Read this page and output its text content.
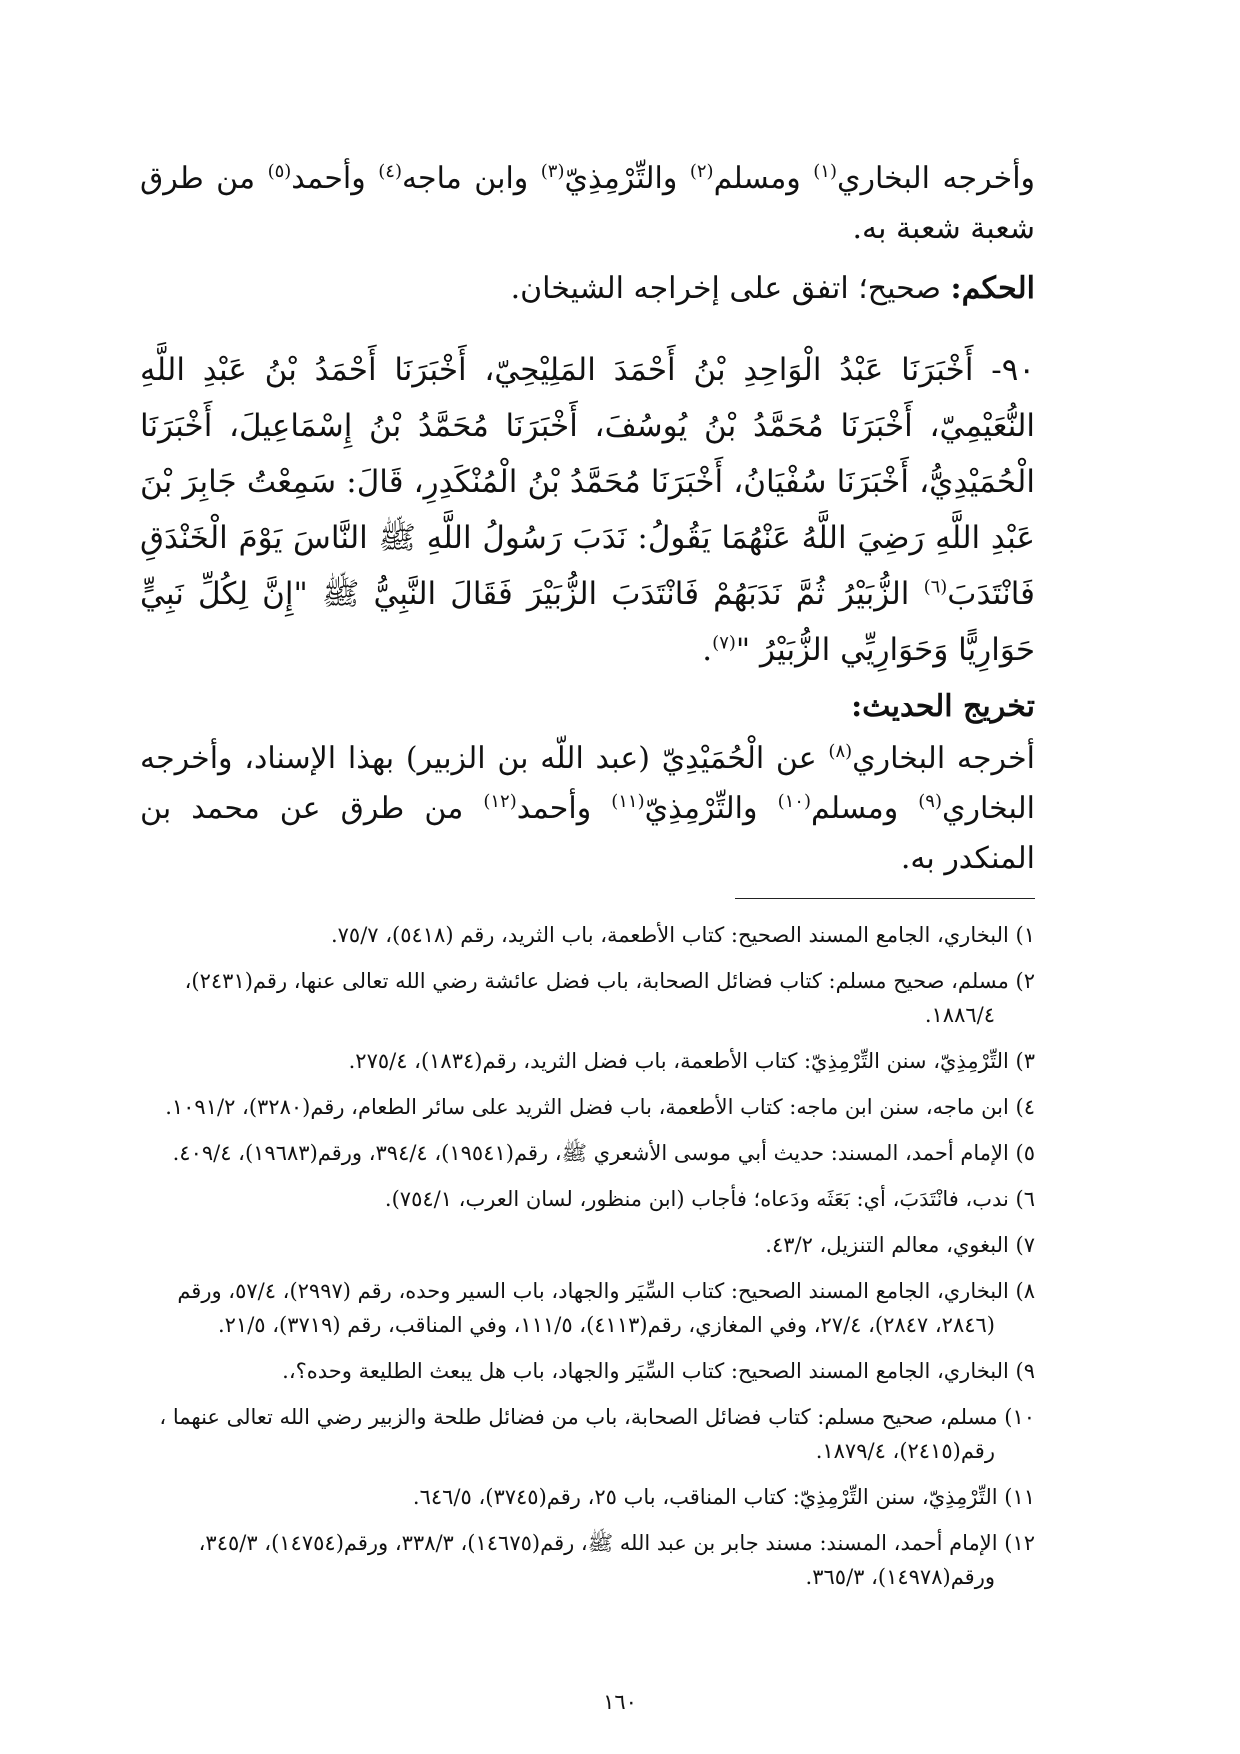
وأخرجه البخاري$^{(١)}$ ومسلم$^{(٢)}$ والتِّرْمِذِيّ$^{(٣)}$ وابن ماجه$^{(٤)}$ وأحمد$^{(٥)}$ من طرق شعبة شعبة به.

الحكم: صحيح؛ اتفق على إخراجه الشيخان.

٩٠- أَخْبَرَنَا عَبْدُ الْوَاحِدِ بْنُ أَحْمَدَ المَلِيْحِيّ، أَخْبَرَنَا أَحْمَدُ بْنُ عَبْدِ اللَّهِ النُّعَيْمِيّ، أَخْبَرَنَا مُحَمَّدُ بْنُ يُوسُفَ، أَخْبَرَنَا مُحَمَّدُ بْنُ إِسْمَاعِيلَ، أَخْبَرَنَا الْحُمَيْدِيُّ، أَخْبَرَنَا سُفْيَانُ، أَخْبَرَنَا مُحَمَّدُ بْنُ الْمُنْكَدِرِ، قَالَ: سَمِعْتُ جَابِرَ بْنَ عَبْدِ اللَّهِ رَضِيَ اللَّهُ عَنْهُمَا يَقُولُ: نَدَبَ رَسُولُ اللَّهِ ﷺ النَّاسَ يَوْمَ الْخَنْدَقِ فَانْتَدَبَ$^{(٦)}$ الزُّبَيْرُ ثُمَّ نَدَبَهُمْ فَانْتَدَبَ الزُّبَيْرَ فَقَالَ النَّبِيُّ ﷺ "إِنَّ لِكُلِّ نَبِيٍّ حَوَارِيًّا وَحَوَارِيِّي الزُّبَيْرُ "$^{(٧)}$.

تخريج الحديث:

أخرجه البخاري$^{(٨)}$ عن الْحُمَيْدِيّ (عبد اللّه بن الزبير) بهذا الإسناد، وأخرجه البخاري$^{(٩)}$ ومسلم$^{(١٠)}$ والتِّرْمِذِيّ$^{(١١)}$ وأحمد$^{(١٢)}$ من طرق عن محمد بن المنكدر به.

١) البخاري، الجامع المسند الصحيح: كتاب الأطعمة، باب الثريد، رقم (٥٤١٨)، ٧٥/٧.

٢) مسلم، صحيح مسلم: كتاب فضائل الصحابة، باب فضل عائشة رضي الله تعالى عنها، رقم(٢٤٣١)،
١٨٨٦/٤.

٣) التِّرْمِذِيّ، سنن التِّرْمِذِيّ: كتاب الأطعمة، باب فضل الثريد، رقم(١٨٣٤)، ٢٧٥/٤.

٤) ابن ماجه، سنن ابن ماجه: كتاب الأطعمة، باب فضل الثريد على سائر الطعام، رقم(٣٢٨٠)، ١٠٩١/٢.

٥) الإمام أحمد، المسند: حديث أبي موسى الأشعري ﷺ، رقم(١٩٥٤١)، ٣٩٤/٤، ورقم(١٩٦٨٣)، ٤٠٩/٤.

٦) ندب، فانْتَدَبَ، أي: بَعَثَه ودَعاه؛ فأجاب (ابن منظور، لسان العرب، ٧٥٤/١).

٧) البغوي، معالم التنزيل، ٤٣/٢.

٨) البخاري، الجامع المسند الصحيح: كتاب السِّيَر والجهاد، باب السير وحده، رقم (٢٩٩٧)، ٥٧/٤، ورقم
(٢٨٤٦، ٢٨٤٧)، ٢٧/٤، وفي المغازي، رقم(٤١١٣)، ١١١/٥، وفي المناقب، رقم (٣٧١٩)، ٢١/٥.

٩) البخاري، الجامع المسند الصحيح: كتاب السِّيَر والجهاد، باب هل يبعث الطليعة وحده؟،.

١٠) مسلم، صحيح مسلم: كتاب فضائل الصحابة، باب من فضائل طلحة والزبير رضي الله تعالى عنهما ،
رقم(٢٤١٥)، ١٨٧٩/٤.

١١) التِّرْمِذِيّ، سنن التِّرْمِذِيّ: كتاب المناقب، باب ٢٥، رقم(٣٧٤٥)، ٦٤٦/٥.

١٢) الإمام أحمد، المسند: مسند جابر بن عبد الله ﷺ، رقم(١٤٦٧٥)، ٣٣٨/٣، ورقم(١٤٧٥٤)، ٣٤٥/٣،
ورقم(١٤٩٧٨)، ٣٦٥/٣.

١٦٠
